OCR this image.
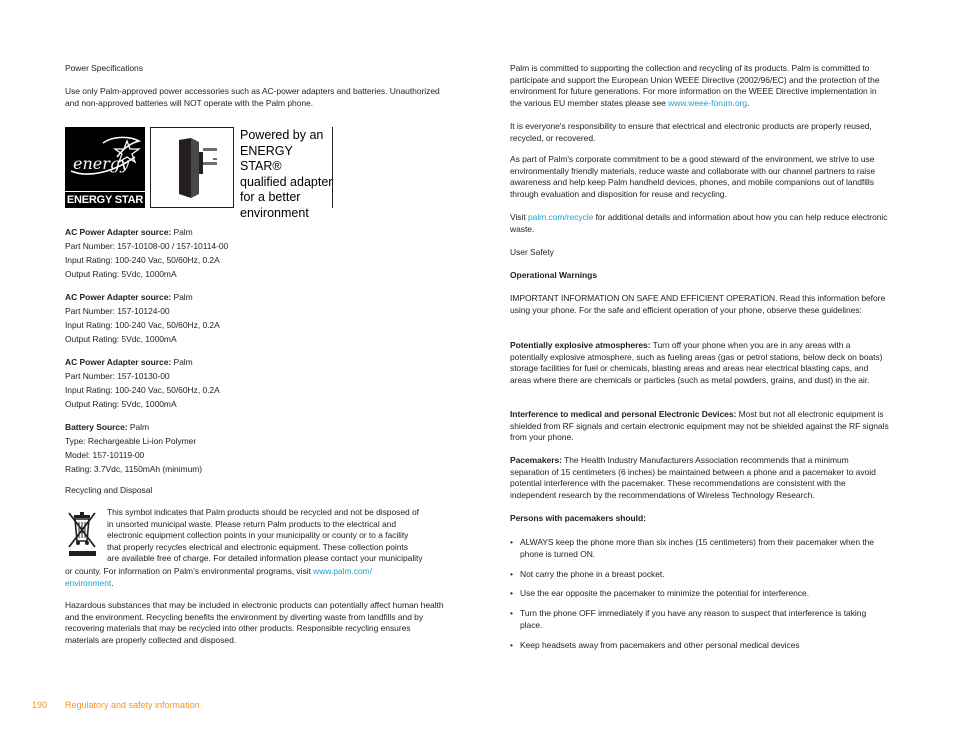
Power Specifications
Use only Palm-approved power accessories such as AC-power adapters and batteries. Unauthorized and non-approved batteries will NOT operate with the Palm phone.
energy
ENERGY STAR
Powered by an
ENERGY STAR®
qualified adapter
for a better
environment
AC Power Adapter source: Palm
Part Number: 157-10108-00 / 157-10114-00
Input Rating: 100-240 Vac, 50/60Hz, 0.2A
Output Rating: 5Vdc, 1000mA
AC Power Adapter source: Palm
Part Number: 157-10124-00
Input Rating: 100-240 Vac, 50/60Hz, 0.2A
Output Rating: 5Vdc, 1000mA
AC Power Adapter source: Palm
Part Number: 157-10130-00
Input Rating: 100-240 Vac, 50/60Hz, 0.2A
Output Rating: 5Vdc, 1000mA
Battery Source: Palm
Type: Rechargeable Li-ion Polymer
Model: 157-10119-00
Rating: 3.7Vdc, 1150mAh (minimum)
Recycling and Disposal
This symbol indicates that Palm products should be recycled and not be disposed of
in unsorted municipal waste. Please return Palm products to the electrical and
electronic equipment collection points in your municipality or county or to a facility
that properly recycles electrical and electronic equipment. These collection points
are available free of charge. For detailed information please contact your municipality
or county. For information on Palm’s environmental programs, visit www.palm.com/
environment.
Hazardous substances that may be included in electronic products can potentially affect human health and the environment. Recycling benefits the environment by diverting waste from landfills and by recovering materials that may be recycled into other products. Responsible recycling ensures materials are properly collected and disposed.
Palm is committed to supporting the collection and recycling of its products. Palm is committed to participate and support the European Union WEEE Directive (2002/96/EC) and the protection of the environment for future generations. For more information on the WEEE Directive implementation in the various EU member states please see www.weee-forum.org.
It is everyone's responsibility to ensure that electrical and electronic products are properly reused, recycled, or recovered.
As part of Palm's corporate commitment to be a good steward of the environment, we strive to use environmentally friendly materials, reduce waste and collaborate with our channel partners to raise awareness and help keep Palm handheld devices, phones, and mobile companions out of landfills through evaluation and disposition for reuse and recycling.
Visit palm.com/recycle for additional details and information about how you can help reduce electronic waste.
User Safety
Operational Warnings
IMPORTANT INFORMATION ON SAFE AND EFFICIENT OPERATION. Read this information before using your phone. For the safe and efficient operation of your phone, observe these guidelines:
Potentially explosive atmospheres: Turn off your phone when you are in any areas with a potentially explosive atmosphere, such as fueling areas (gas or petrol stations, below deck on boats) storage facilities for fuel or chemicals, blasting areas and areas near electrical blasting caps, and areas where there are chemicals or particles (such as metal powders, grains, and dust) in the air.
Interference to medical and personal Electronic Devices: Most but not all electronic equipment is shielded from RF signals and certain electronic equipment may not be shielded against the RF signals from your phone.
Pacemakers: The Health Industry Manufacturers Association recommends that a minimum separation of 15 centimeters (6 inches) be maintained between a phone and a pacemaker to avoid potential interference with the pacemaker. These recommendations are consistent with the independent research by the recommendations of Wireless Technology Research.
Persons with pacemakers should:
• ALWAYS keep the phone more than six inches (15 centimeters) from their pacemaker when the phone is turned ON.
• Not carry the phone in a breast pocket.
• Use the ear opposite the pacemaker to minimize the potential for interference.
• Turn the phone OFF immediately if you have any reason to suspect that interference is taking place.
• Keep headsets away from pacemakers and other personal medical devices
190 Regulatory and safety information
